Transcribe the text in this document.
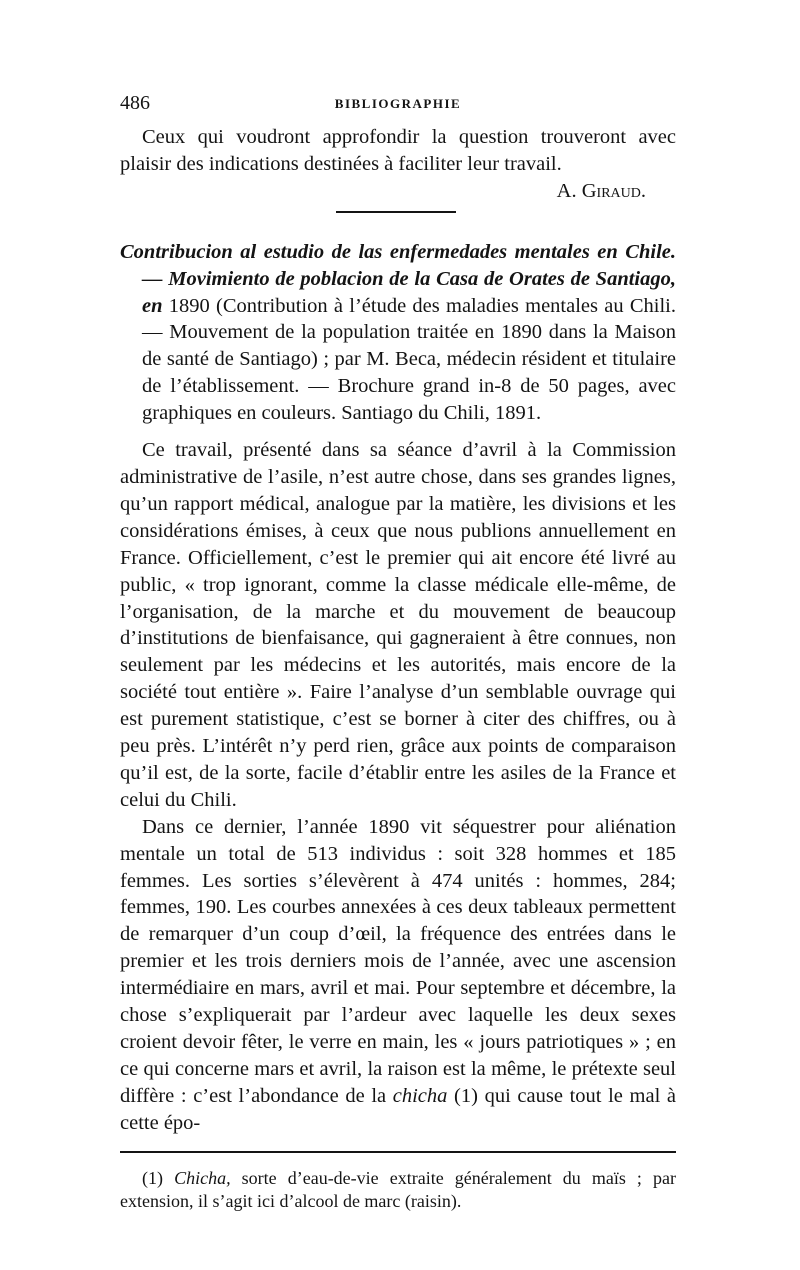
486	BIBLIOGRAPHIE

Ceux qui voudront approfondir la question trouveront avec plaisir des indications destinées à faciliter leur travail.

A. Giraud.

Contribucion al estudio de las enfermedades mentales en Chile. — Movimiento de poblacion de la Casa de Orates de Santiago, en 1890 (Contribution à l’étude des maladies mentales au Chili. — Mouvement de la population traitée en 1890 dans la Maison de santé de Santiago) ; par M. Beca, médecin résident et titulaire de l’établissement. — Brochure grand in-8 de 50 pages, avec graphiques en couleurs. Santiago du Chili, 1891.

Ce travail, présenté dans sa séance d’avril à la Commission administrative de l’asile, n’est autre chose, dans ses grandes lignes, qu’un rapport médical, analogue par la matière, les divisions et les considérations émises, à ceux que nous publions annuellement en France. Officiellement, c’est le premier qui ait encore été livré au public, « trop ignorant, comme la classe médicale elle-même, de l’organisation, de la marche et du mouvement de beaucoup d’institutions de bienfaisance, qui gagneraient à être connues, non seulement par les médecins et les autorités, mais encore de la société tout entière ». Faire l’analyse d’un semblable ouvrage qui est purement statistique, c’est se borner à citer des chiffres, ou à peu près. L’intérêt n’y perd rien, grâce aux points de comparaison qu’il est, de la sorte, facile d’établir entre les asiles de la France et celui du Chili.

Dans ce dernier, l’année 1890 vit séquestrer pour aliénation mentale un total de 513 individus : soit 328 hommes et 185 femmes. Les sorties s’élevèrent à 474 unités : hommes, 284; femmes, 190. Les courbes annexées à ces deux tableaux permettent de remarquer d’un coup d’œil, la fréquence des entrées dans le premier et les trois derniers mois de l’année, avec une ascension intermédiaire en mars, avril et mai. Pour septembre et décembre, la chose s’expliquerait par l’ardeur avec laquelle les deux sexes croient devoir fêter, le verre en main, les « jours patriotiques » ; en ce qui concerne mars et avril, la raison est la même, le prétexte seul diffère : c’est l’abondance de la chicha (1) qui cause tout le mal à cette épo-

(1) Chicha, sorte d’eau-de-vie extraite généralement du maïs ; par extension, il s’agit ici d’alcool de marc (raisin).
